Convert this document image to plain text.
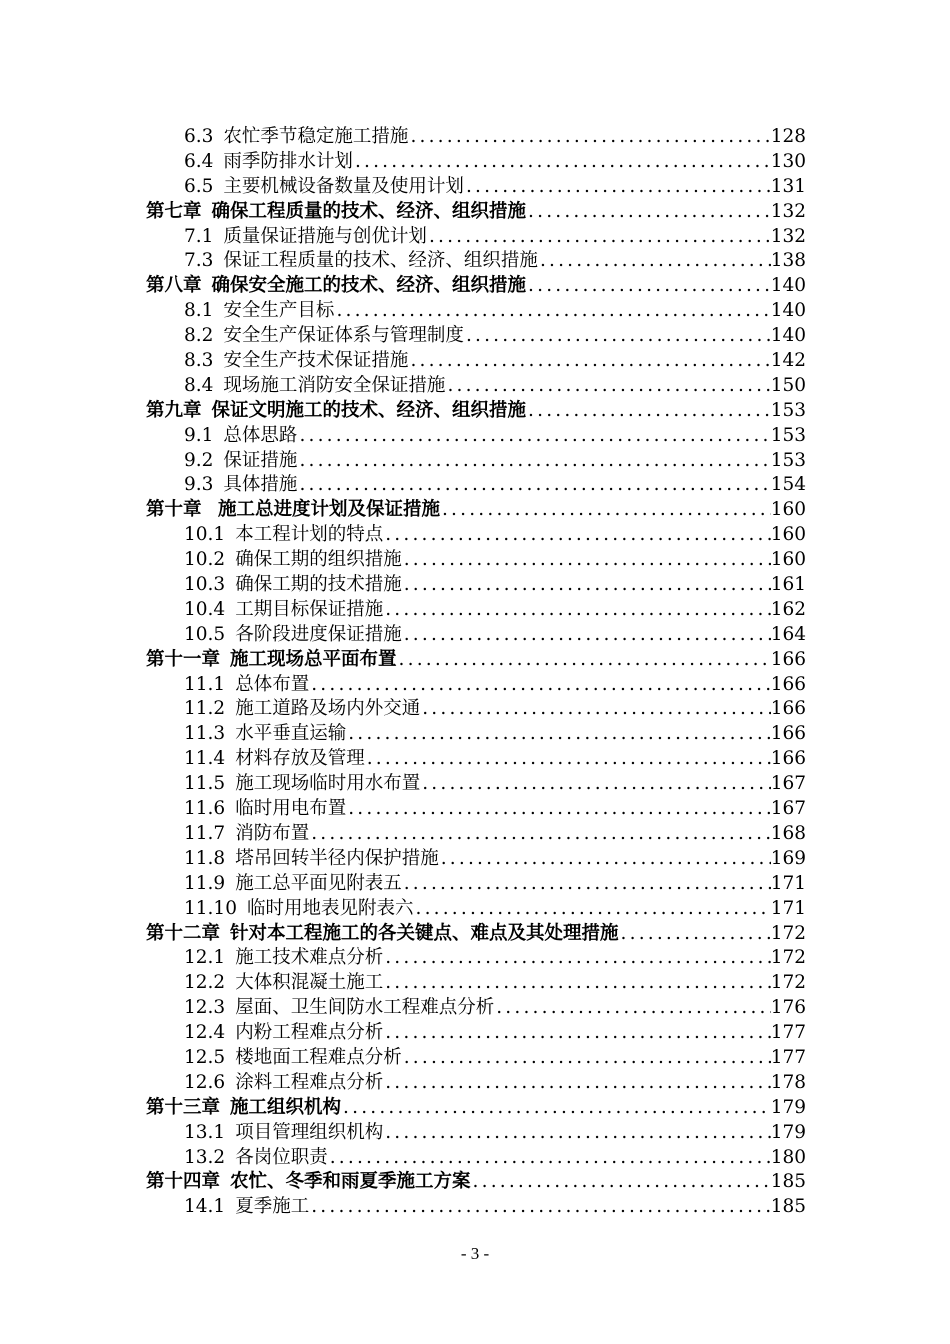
6.3 农忙季节稳定施工措施 .....	128
6.4 雨季防排水计划 .....	130
6.5 主要机械设备数量及使用计划 .....	131
第七章 确保工程质量的技术、经济、组织措施 .....	132
7.1 质量保证措施与创优计划 .....	132
7.3 保证工程质量的技术、经济、组织措施 .....	138
第八章 确保安全施工的技术、经济、组织措施 .....	140
8.1 安全生产目标 .....	140
8.2 安全生产保证体系与管理制度 .....	140
8.3 安全生产技术保证措施 .....	142
8.4 现场施工消防安全保证措施 .....	150
第九章 保证文明施工的技术、经济、组织措施 .....	153
9.1 总体思路 .....	153
9.2 保证措施 .....	153
9.3 具体措施 .....	154
第十章 施工总进度计划及保证措施 .....	160
10.1 本工程计划的特点 .....	160
10.2 确保工期的组织措施 .....	160
10.3 确保工期的技术措施 .....	161
10.4 工期目标保证措施 .....	162
10.5 各阶段进度保证措施 .....	164
第十一章 施工现场总平面布置 .....	166
11.1 总体布置 .....	166
11.2 施工道路及场内外交通 .....	166
11.3 水平垂直运输 .....	166
11.4 材料存放及管理 .....	166
11.5 施工现场临时用水布置 .....	167
11.6 临时用电布置 .....	167
11.7 消防布置 .....	168
11.8 塔吊回转半径内保护措施 .....	169
11.9 施工总平面见附表五 .....	171
11.10 临时用地表见附表六 .....	171
第十二章 针对本工程施工的各关键点、难点及其处理措施 .....	172
12.1 施工技术难点分析 .....	172
12.2 大体积混凝土施工 .....	172
12.3 屋面、卫生间防水工程难点分析 .....	176
12.4 内粉工程难点分析 .....	177
12.5 楼地面工程难点分析 .....	177
12.6 涂料工程难点分析 .....	178
第十三章 施工组织机构 .....	179
13.1 项目管理组织机构 .....	179
13.2 各岗位职责 .....	180
第十四章 农忙、冬季和雨夏季施工方案 .....	185
14.1 夏季施工 .....	185
- 3 -
